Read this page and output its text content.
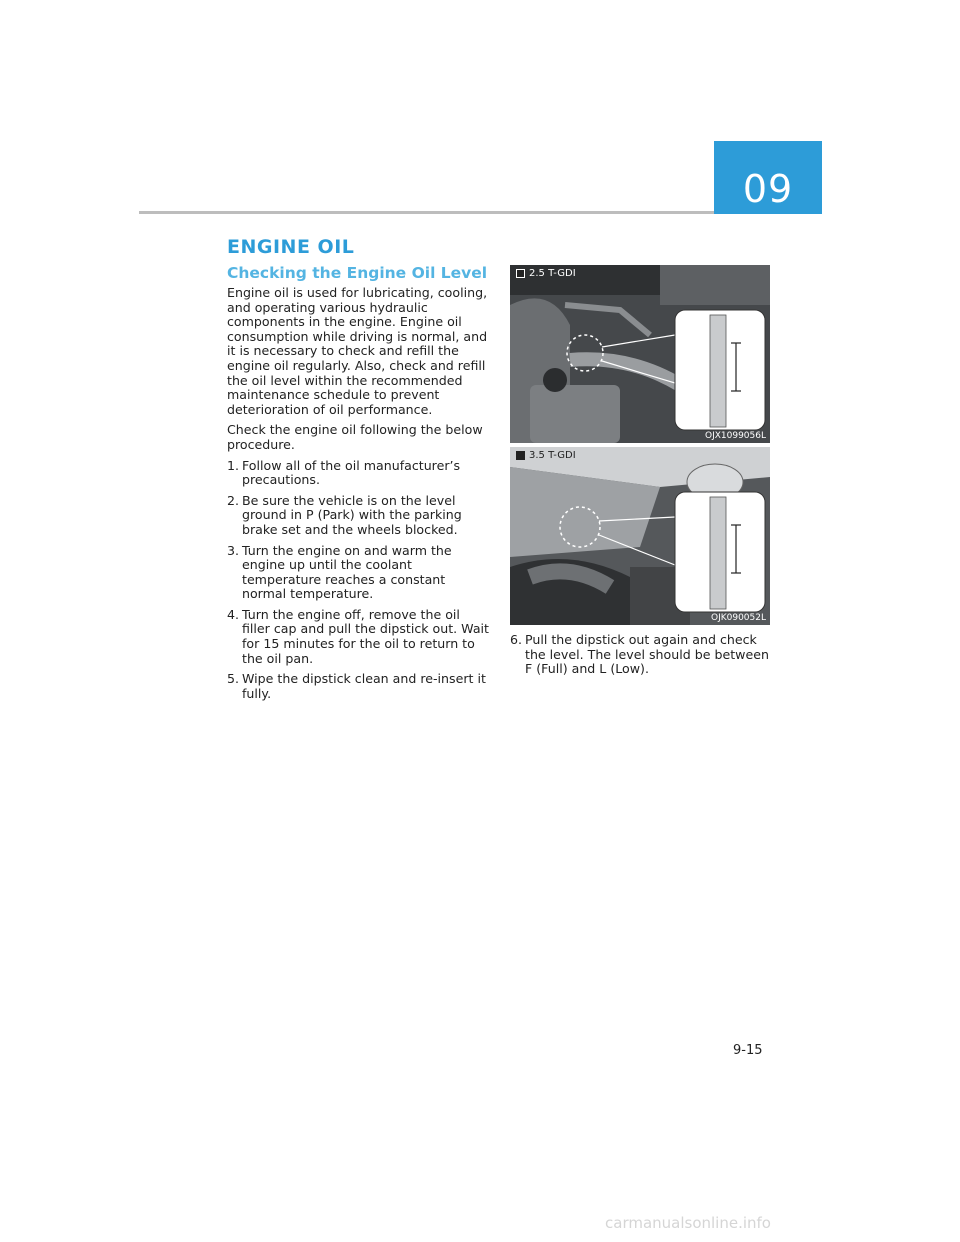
09
ENGINE OIL
Checking the Engine Oil Level

Engine oil is used for lubricating, cooling, and operating various hydraulic components in the engine. Engine oil consumption while driving is normal, and it is necessary to check and refill the engine oil regularly. Also, check and refill the oil level within the recommended maintenance schedule to prevent deterioration of oil performance.

Check the engine oil following the below procedure.

1. Follow all of the oil manufacturer’s precautions.
2. Be sure the vehicle is on the level ground in P (Park) with the parking brake set and the wheels blocked.
3. Turn the engine on and warm the engine up until the coolant temperature reaches a constant normal temperature.
4. Turn the engine off, remove the oil filler cap and pull the dipstick out. Wait for 15 minutes for the oil to return to the oil pan.
5. Wipe the dipstick clean and re-insert it fully.
2.5 T-GDI
OJX1099056L
3.5 T-GDI
OJK090052L
6. Pull the dipstick out again and check the level. The level should be between F (Full) and L (Low).
9-15
carmanualsonline.info
